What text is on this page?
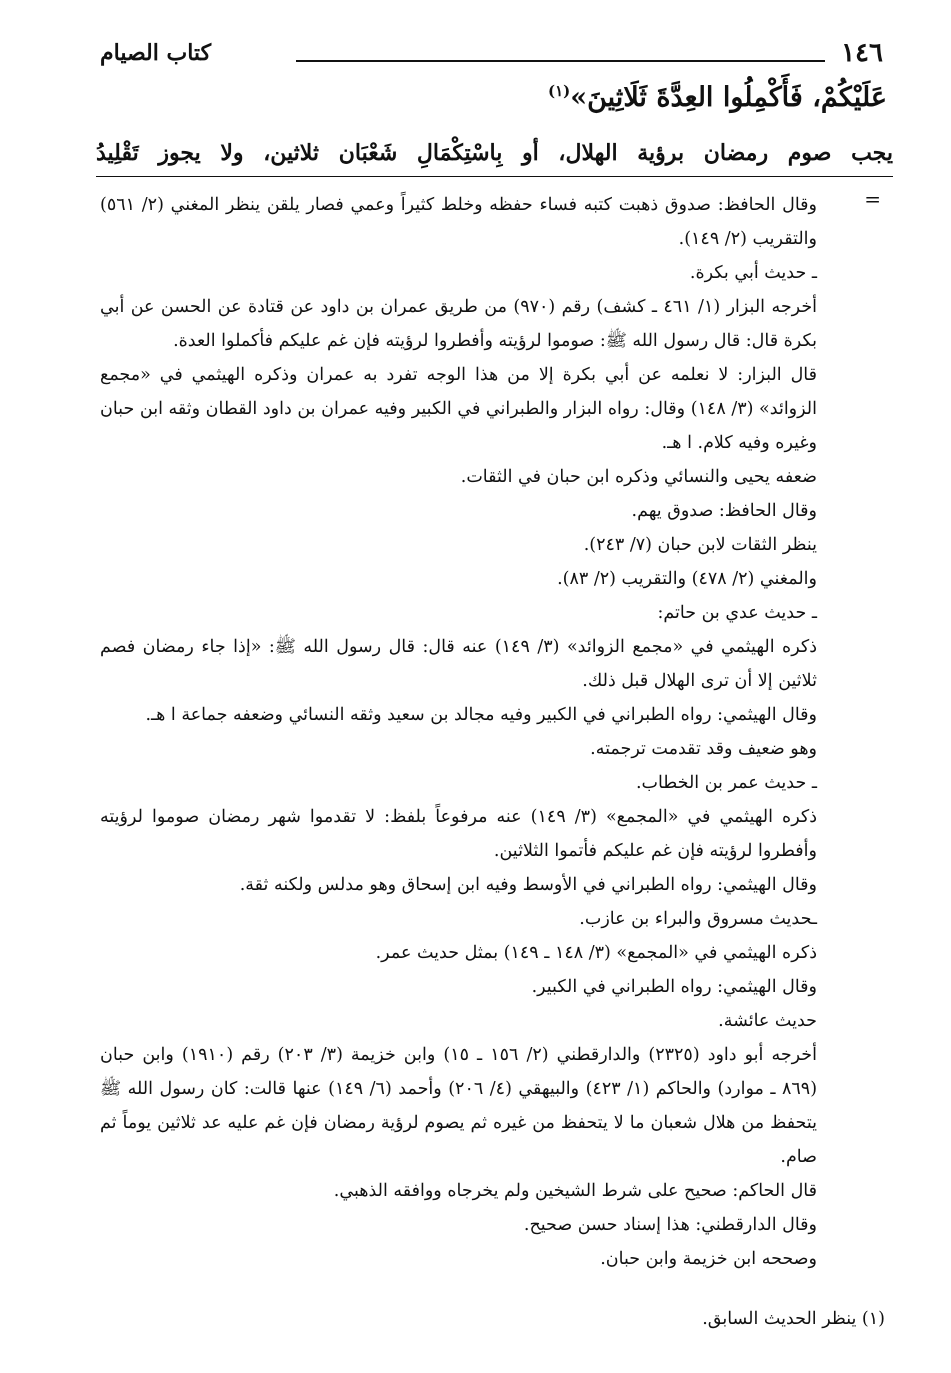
١٤٦
كتاب الصيام
عَلَيْكُمْ، فَأَكْمِلُوا العِدَّةَ ثَلَاثِينَ»$^{(١)}$
يجب صوم رمضان برؤية الهلال، أو بِاسْتِكْمَالِ شَعْبَان ثلاثين، ولا يجوز تَقْلِيدُ
=

وقال الحافظ: صدوق ذهبت كتبه فساء حفظه وخلط كثيراً وعمي فصار يلقن ينظر المغني (٢/ ٥٦١) والتقريب (٢/ ١٤٩).

ـ حديث أبي بكرة.

أخرجه البزار (١/ ٤٦١ ـ كشف) رقم (٩٧٠) من طريق عمران بن داود عن قتادة عن الحسن عن أبي بكرة قال: قال رسول الله ﷺ: صوموا لرؤيته وأفطروا لرؤيته فإن غم عليكم فأكملوا العدة.

قال البزار: لا نعلمه عن أبي بكرة إلا من هذا الوجه تفرد به عمران وذكره الهيثمي في «مجمع الزوائد» (٣/ ١٤٨) وقال: رواه البزار والطبراني في الكبير وفيه عمران بن داود القطان وثقه ابن حبان وغيره وفيه كلام. ا هـ.

ضعفه يحيى والنسائي وذكره ابن حبان في الثقات.

وقال الحافظ: صدوق يهم.

ينظر الثقات لابن حبان (٧/ ٢٤٣).

والمغني (٢/ ٤٧٨) والتقريب (٢/ ٨٣).

ـ حديث عدي بن حاتم:

ذكره الهيثمي في «مجمع الزوائد» (٣/ ١٤٩) عنه قال: قال رسول الله ﷺ: «إذا جاء رمضان فصم ثلاثين إلا أن ترى الهلال قبل ذلك.

وقال الهيثمي: رواه الطبراني في الكبير وفيه مجالد بن سعيد وثقه النسائي وضعفه جماعة ا هـ.

وهو ضعيف وقد تقدمت ترجمته.

ـ حديث عمر بن الخطاب.

ذكره الهيثمي في «المجمع» (٣/ ١٤٩) عنه مرفوعاً بلفظ: لا تقدموا شهر رمضان صوموا لرؤيته وأفطروا لرؤيته فإن غم عليكم فأتموا الثلاثين.

وقال الهيثمي: رواه الطبراني في الأوسط وفيه ابن إسحاق وهو مدلس ولكنه ثقة.

ـحديث مسروق والبراء بن عازب.

ذكره الهيثمي في «المجمع» (٣/ ١٤٨ ـ ١٤٩) بمثل حديث عمر.

وقال الهيثمي: رواه الطبراني في الكبير.

حديث عائشة.

أخرجه أبو داود (٢٣٢٥) والدارقطني (٢/ ١٥٦ ـ ١٥) وابن خزيمة (٣/ ٢٠٣) رقم (١٩١٠) وابن حبان (٨٦٩ ـ موارد) والحاكم (١/ ٤٢٣) والبيهقي (٤/ ٢٠٦) وأحمد (٦/ ١٤٩) عنها قالت: كان رسول الله ﷺ يتحفظ من هلال شعبان ما لا يتحفظ من غيره ثم يصوم لرؤية رمضان فإن غم عليه عد ثلاثين يوماً ثم صام.

قال الحاكم: صحيح على شرط الشيخين ولم يخرجاه ووافقه الذهبي.

وقال الدارقطني: هذا إسناد حسن صحيح.

وصححه ابن خزيمة وابن حبان.

(١) ينظر الحديث السابق.
